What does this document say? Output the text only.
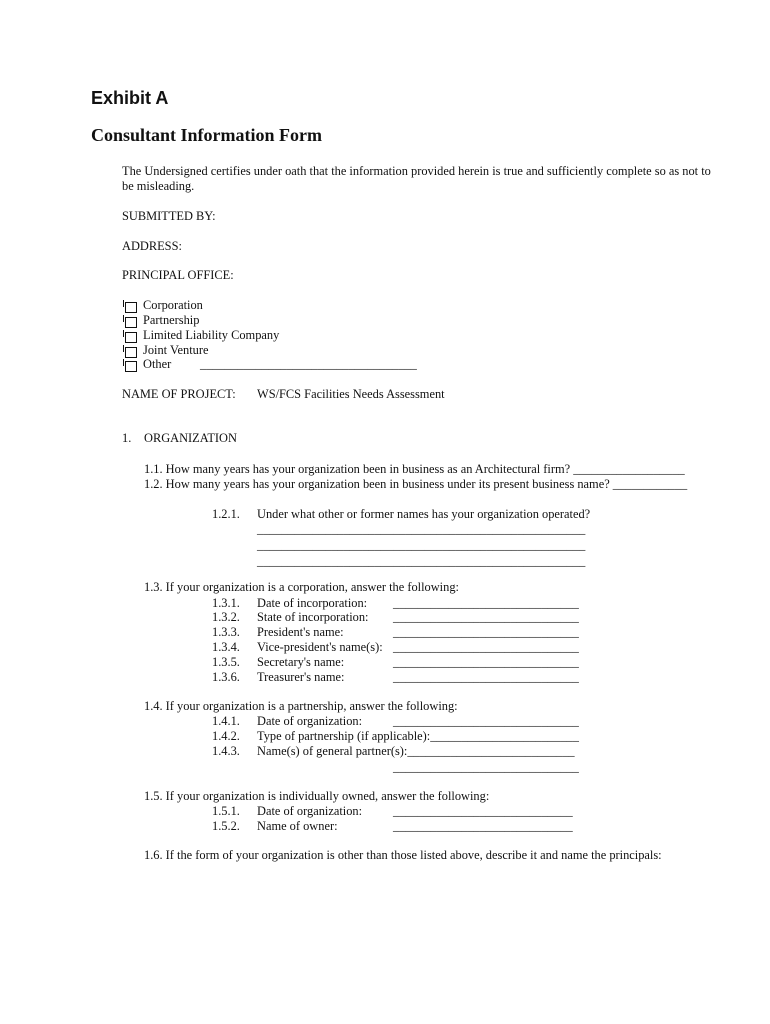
Exhibit A
Consultant Information Form
The Undersigned certifies under oath that the information provided herein is true and sufficiently complete so as not to be misleading.
SUBMITTED BY:
ADDRESS:
PRINCIPAL OFFICE:
Corporation
Partnership
Limited Liability Company
Joint Venture
Other ___________________________________
NAME OF PROJECT: WS/FCS Facilities Needs Assessment
1. ORGANIZATION
1.1. How many years has your organization been in business as an Architectural firm? __________________
1.2. How many years has your organization been in business under its present business name? ____________
1.2.1. Under what other or former names has your organization operated?
_____________________________________________________
_____________________________________________________
_____________________________________________________
1.3. If your organization is a corporation, answer the following:
1.3.1. Date of incorporation: ______________________________
1.3.2. State of incorporation: ______________________________
1.3.3. President's name:	______________________________
1.3.4. Vice-president's name(s): ______________________________
1.3.5. Secretary's name:	______________________________
1.3.6. Treasurer's name:	______________________________
1.4. If your organization is a partnership, answer the following:
1.4.1. Date of organization: ______________________________
1.4.2. Type of partnership (if applicable):________________________
1.4.3. Name(s) of general partner(s):___________________________
______________________________
1.5. If your organization is individually owned, answer the following:
1.5.1. Date of organization: _____________________________
1.5.2. Name of owner:	_____________________________
1.6. If the form of your organization is other than those listed above, describe it and name the principals:
